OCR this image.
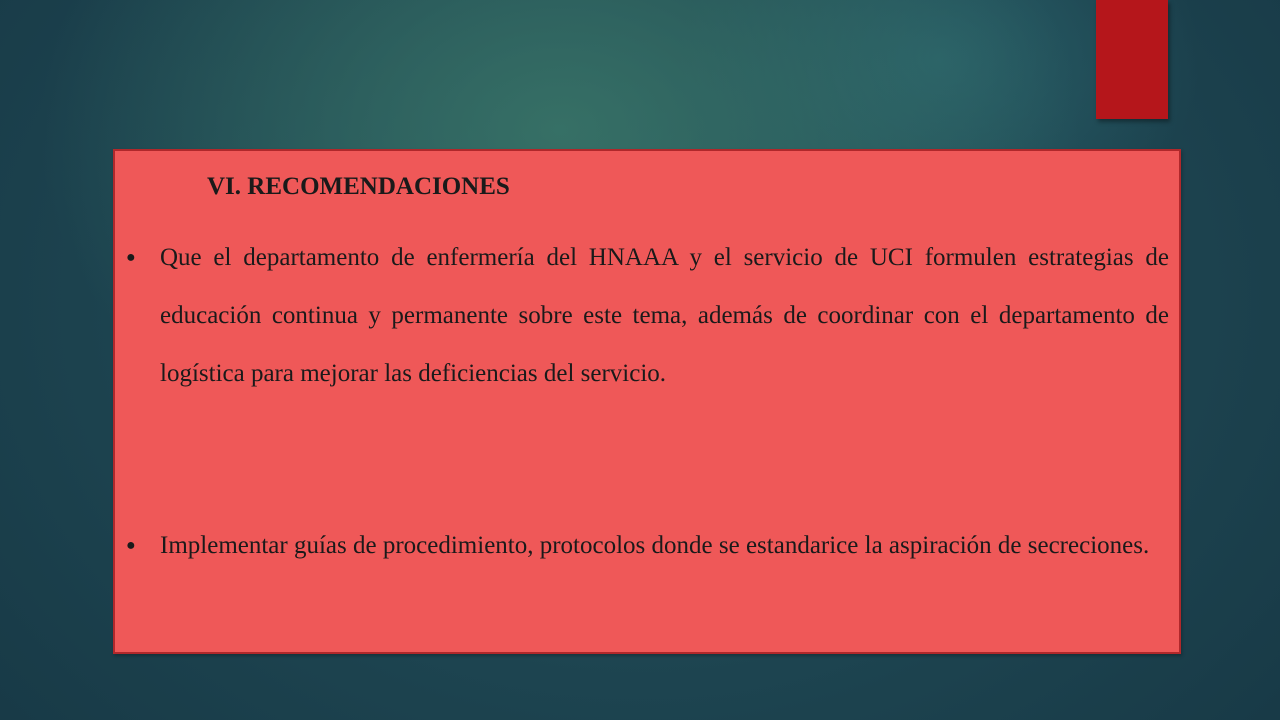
VI. RECOMENDACIONES
● Que el departamento de enfermería del HNAAA y el servicio de UCI formulen estrategias de educación continua y permanente sobre este tema, además de coordinar con el departamento de logística para mejorar las deficiencias del servicio.
● Implementar guías de procedimiento, protocolos donde se estandarice la aspiración de secreciones.
